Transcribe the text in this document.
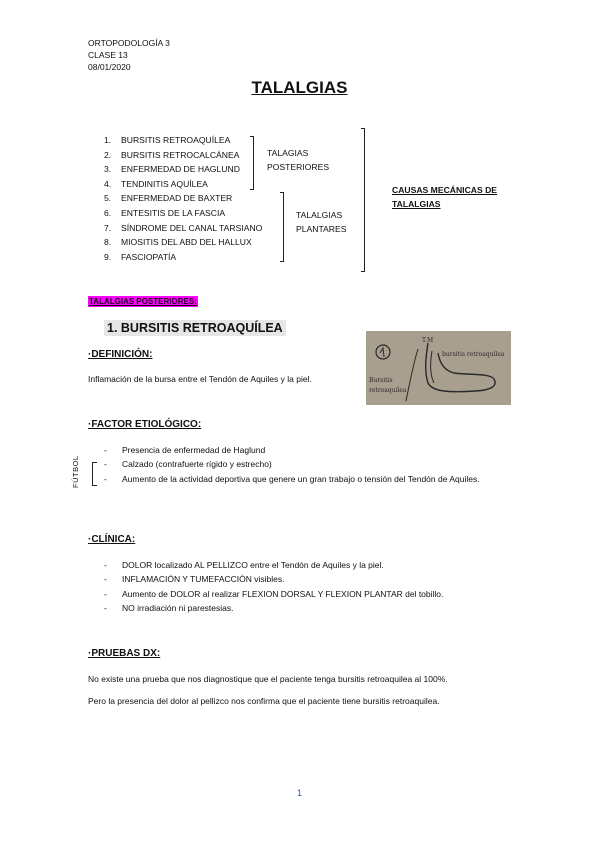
ORTOPODOLOGÍA 3
CLASE 13
08/01/2020
TALALGIAS
1. BURSITIS RETROAQUÍLEA
2. BURSITIS RETROCALCÁNEA
3. ENFERMEDAD DE HAGLUND
4. TENDINITIS AQUÍLEA
5. ENFERMEDAD DE BAXTER
6. ENTESITIS DE LA FASCIA
7. SÍNDROME DEL CANAL TARSIANO
8. MIOSITIS DEL ABD DEL HALLUX
9. FASCIOPATÍA
TALAGIAS
POSTERIORES
TALALGIAS
PLANTARES
CAUSAS MECÁNICAS DE
TALALGIAS
TALALGIAS POSTERIORES:
1. BURSITIS RETROAQUÍLEA
·DEFINICIÓN:
Inflamación de la bursa entre el Tendón de Aquiles y la piel.
T.M
bursitis retroaquílea
Bursitis
retroaquílea
·FACTOR ETIOLÓGICO:
FÚTBOL
- Presencia de enfermedad de Haglund
- Calzado (contrafuerte rígido y estrecho)
- Aumento de la actividad deportiva que genere un gran trabajo o tensión del Tendón de Aquiles.
·CLÍNICA:
- DOLOR localizado AL PELLIZCO entre el Tendón de Aquiles y la piel.
- INFLAMACIÓN Y TUMEFACCIÓN visibles.
- Aumento de DOLOR al realizar FLEXION DORSAL Y FLEXION PLANTAR del tobillo.
- NO irradiación ni parestesias.
·PRUEBAS DX:
No existe una prueba que nos diagnostique que el paciente tenga bursitis retroaquilea al 100%.
Pero la presencia del dolor al pellizco nos confirma que el paciente tiene bursitis retroaquilea.
1
